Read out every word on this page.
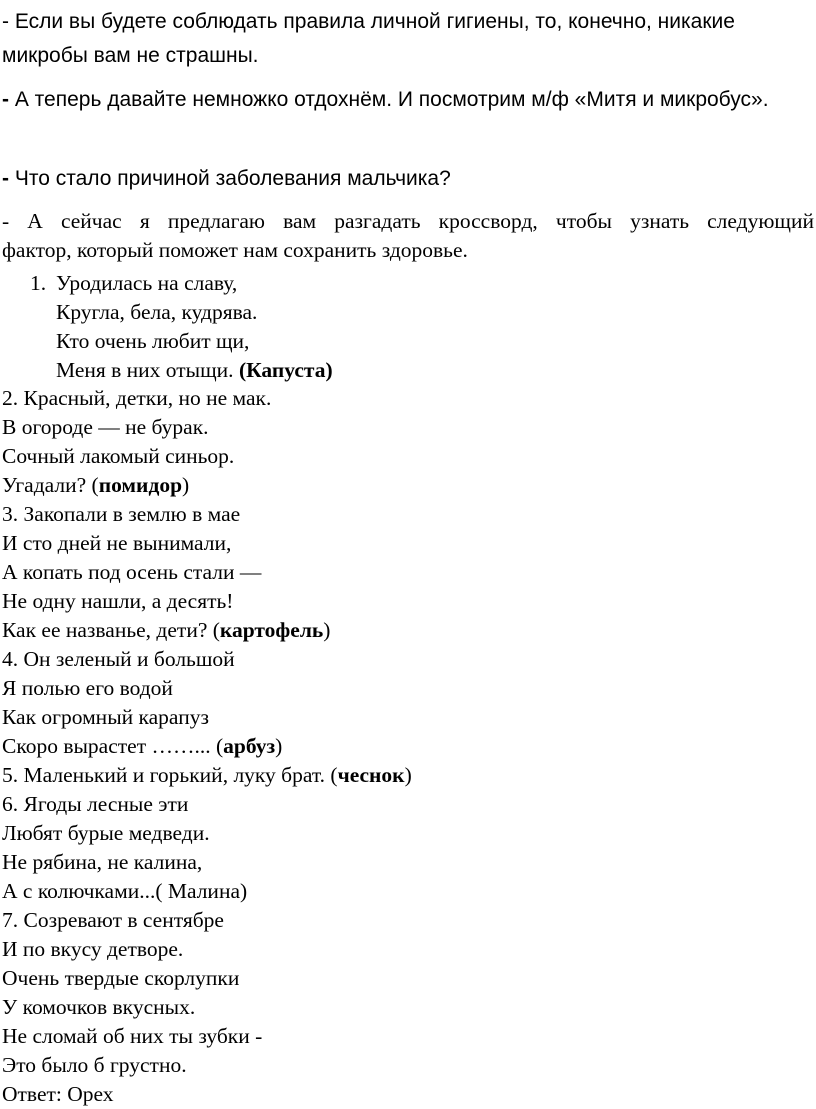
- Если вы будете соблюдать правила личной гигиены, то, конечно, никакие микробы вам не страшны.

- А теперь давайте немножко отдохнём. И посмотрим м/ф «Митя и микробус».

- Что стало причиной заболевания мальчика?

- А сейчас я предлагаю вам разгадать кроссворд, чтобы узнать следующий
фактор, который поможет нам сохранить здоровье.

1. Уродилась на славу,
Кругла, бела, кудрява.
Кто очень любит щи,
Меня в них отыщи. (Капуста)
2. Красный, детки, но не мак.
В огороде — не бурак.
Сочный лакомый синьор.
Угадали? (помидор)
3. Закопали в землю в мае
И сто дней не вынимали,
А копать под осень стали —
Не одну нашли, а десять!
Как ее названье, дети? (картофель)
4. Он зеленый и большой
Я полью его водой
Как огромный карапуз
Скоро вырастет ……... (арбуз)
5. Маленький и горький, луку брат. (чеснок)
6. Ягоды лесные эти
Любят бурые медведи.
Не рябина, не калина,
А с колючками...( Малина)
7. Созревают в сентябре
И по вкусу детворе.
Очень твердые скорлупки
У комочков вкусных.
Не сломай об них ты зубки -
Это было б грустно.
Ответ: Орех
